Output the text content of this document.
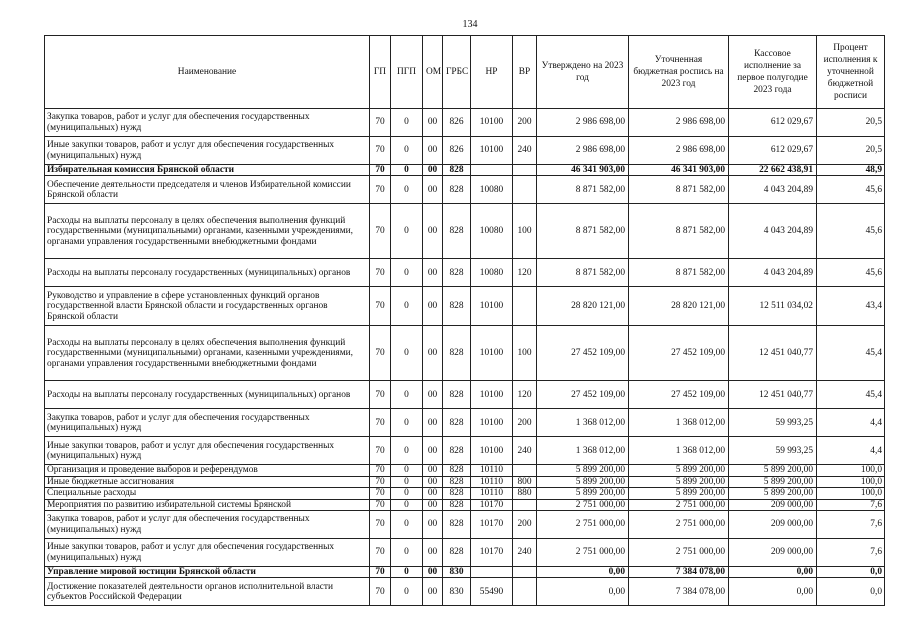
134
Наименование	ГП	ПГП	ОМ	ГРБС	НР	ВР	Утверждено на 2023 год	Уточненная бюджетная роспись на 2023 год	Кассовое исполнение за первое полугодие 2023 года	Процент исполнения к уточненной бюджетной росписи
Закупка товаров, работ и услуг для обеспечения государственных (муниципальных) нужд	70	0	00	826	10100	200	2 986 698,00	2 986 698,00	612 029,67	20,5
Иные закупки товаров, работ и услуг для обеспечения государственных (муниципальных) нужд	70	0	00	826	10100	240	2 986 698,00	2 986 698,00	612 029,67	20,5
Избирательная комиссия Брянской области	70	0	00	828			46 341 903,00	46 341 903,00	22 662 438,91	48,9
Обеспечение деятельности председателя и членов Избирательной комиссии Брянской области	70	0	00	828	10080		8 871 582,00	8 871 582,00	4 043 204,89	45,6
Расходы на выплаты персоналу в целях обеспечения выполнения функций государственными (муниципальными) органами, казенными учреждениями, органами управления государственными внебюджетными фондами	70	0	00	828	10080	100	8 871 582,00	8 871 582,00	4 043 204,89	45,6
Расходы на выплаты персоналу государственных (муниципальных) органов	70	0	00	828	10080	120	8 871 582,00	8 871 582,00	4 043 204,89	45,6
Руководство и управление в сфере установленных функций органов государственной власти Брянской области и государственных органов Брянской области	70	0	00	828	10100		28 820 121,00	28 820 121,00	12 511 034,02	43,4
Расходы на выплаты персоналу в целях обеспечения выполнения функций государственными (муниципальными) органами, казенными учреждениями, органами управления государственными внебюджетными фондами	70	0	00	828	10100	100	27 452 109,00	27 452 109,00	12 451 040,77	45,4
Расходы на выплаты персоналу государственных (муниципальных) органов	70	0	00	828	10100	120	27 452 109,00	27 452 109,00	12 451 040,77	45,4
Закупка товаров, работ и услуг для обеспечения государственных (муниципальных) нужд	70	0	00	828	10100	200	1 368 012,00	1 368 012,00	59 993,25	4,4
Иные закупки товаров, работ и услуг для обеспечения государственных (муниципальных) нужд	70	0	00	828	10100	240	1 368 012,00	1 368 012,00	59 993,25	4,4
Организация и проведение выборов и референдумов	70	0	00	828	10110		5 899 200,00	5 899 200,00	5 899 200,00	100,0
Иные бюджетные ассигнования	70	0	00	828	10110	800	5 899 200,00	5 899 200,00	5 899 200,00	100,0
Специальные расходы	70	0	00	828	10110	880	5 899 200,00	5 899 200,00	5 899 200,00	100,0
Мероприятия по развитию избирательной системы Брянской	70	0	00	828	10170		2 751 000,00	2 751 000,00	209 000,00	7,6
Закупка товаров, работ и услуг для обеспечения государственных (муниципальных) нужд	70	0	00	828	10170	200	2 751 000,00	2 751 000,00	209 000,00	7,6
Иные закупки товаров, работ и услуг для обеспечения государственных (муниципальных) нужд	70	0	00	828	10170	240	2 751 000,00	2 751 000,00	209 000,00	7,6
Управление мировой юстиции Брянской области	70	0	00	830			0,00	7 384 078,00	0,00	0,0
Достижение показателей деятельности органов исполнительной власти субъектов Российской Федерации	70	0	00	830	55490		0,00	7 384 078,00	0,00	0,0
